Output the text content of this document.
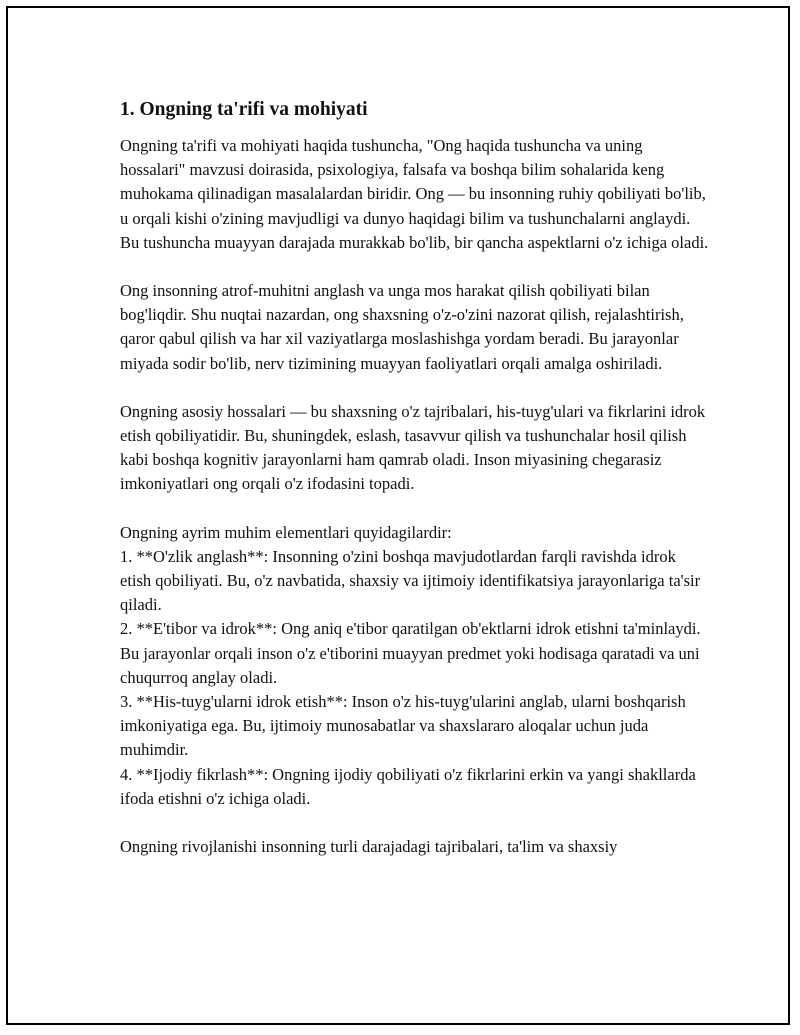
1. Ongning ta'rifi va mohiyati

Ongning ta'rifi va mohiyati haqida tushuncha, "Ong haqida tushuncha va uning hossalari" mavzusi doirasida, psixologiya, falsafa va boshqa bilim sohalarida keng muhokama qilinadigan masalalardan biridir. Ong — bu insonning ruhiy qobiliyati bo'lib, u orqali kishi o'zining mavjudligi va dunyo haqidagi bilim va tushunchalarni anglaydi. Bu tushuncha muayyan darajada murakkab bo'lib, bir qancha aspektlarni o'z ichiga oladi.

Ong insonning atrof-muhitni anglash va unga mos harakat qilish qobiliyati bilan bog'liqdir. Shu nuqtai nazardan, ong shaxsning o'z-o'zini nazorat qilish, rejalashtirish, qaror qabul qilish va har xil vaziyatlarga moslashishga yordam beradi. Bu jarayonlar miyada sodir bo'lib, nerv tizimining muayyan faoliyatlari orqali amalga oshiriladi.

Ongning asosiy hossalari — bu shaxsning o'z tajribalari, his-tuyg'ulari va fikrlarini idrok etish qobiliyatidir. Bu, shuningdek, eslash, tasavvur qilish va tushunchalar hosil qilish kabi boshqa kognitiv jarayonlarni ham qamrab oladi. Inson miyasining chegarasiz imkoniyatlari ong orqali o'z ifodasini topadi.

Ongning ayrim muhim elementlari quyidagilardir:

1. **O'zlik anglash**: Insonning o'zini boshqa mavjudotlardan farqli ravishda idrok etish qobiliyati. Bu, o'z navbatida, shaxsiy va ijtimoiy identifikatsiya jarayonlariga ta'sir qiladi.
2. **E'tibor va idrok**: Ong aniq e'tibor qaratilgan ob'ektlarni idrok etishni ta'minlaydi. Bu jarayonlar orqali inson o'z e'tiborini muayyan predmet yoki hodisaga qaratadi va uni chuqurroq anglay oladi.
3. **His-tuyg'ularni idrok etish**: Inson o'z his-tuyg'ularini anglab, ularni boshqarish imkoniyatiga ega. Bu, ijtimoiy munosabatlar va shaxslararo aloqalar uchun juda muhimdir.
4. **Ijodiy fikrlash**: Ongning ijodiy qobiliyati o'z fikrlarini erkin va yangi shakllarda ifoda etishni o'z ichiga oladi.

Ongning rivojlanishi insonning turli darajadagi tajribalari, ta'lim va shaxsiy
